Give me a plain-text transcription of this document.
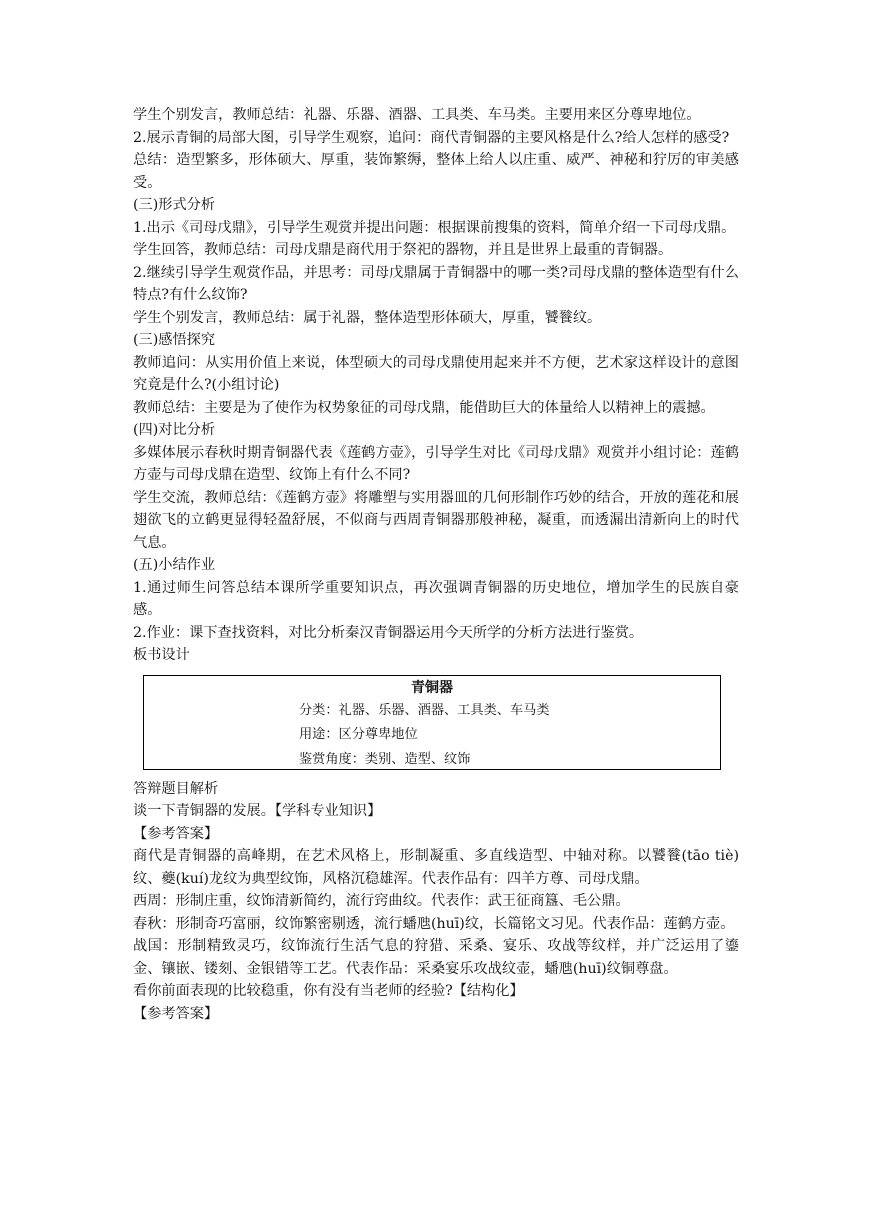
学生个别发言，教师总结：礼器、乐器、酒器、工具类、车马类。主要用来区分尊卑地位。

2.展示青铜的局部大图，引导学生观察，追问：商代青铜器的主要风格是什么?给人怎样的感受?

总结：造型繁多，形体硕大、厚重，装饰繁缛，整体上给人以庄重、威严、神秘和狞厉的审美感受。

(三)形式分析

1.出示《司母戊鼎》，引导学生观赏并提出问题：根据课前搜集的资料，简单介绍一下司母戊鼎。

学生回答，教师总结：司母戊鼎是商代用于祭祀的器物，并且是世界上最重的青铜器。

2.继续引导学生观赏作品，并思考：司母戊鼎属于青铜器中的哪一类?司母戊鼎的整体造型有什么特点?有什么纹饰?

学生个别发言，教师总结：属于礼器，整体造型形体硕大，厚重，饕餮纹。

(三)感悟探究

教师追问：从实用价值上来说，体型硕大的司母戊鼎使用起来并不方便，艺术家这样设计的意图究竟是什么?(小组讨论)

教师总结：主要是为了使作为权势象征的司母戊鼎，能借助巨大的体量给人以精神上的震撼。

(四)对比分析

多媒体展示春秋时期青铜器代表《莲鹤方壶》，引导学生对比《司母戊鼎》观赏并小组讨论：莲鹤方壶与司母戊鼎在造型、纹饰上有什么不同?

学生交流，教师总结：《莲鹤方壶》将雕塑与实用器皿的几何形制作巧妙的结合，开放的莲花和展翅欲飞的立鹤更显得轻盈舒展，不似商与西周青铜器那般神秘，凝重，而透漏出清新向上的时代气息。

(五)小结作业

1.通过师生问答总结本课所学重要知识点，再次强调青铜器的历史地位，增加学生的民族自豪感。

2.作业：课下查找资料，对比分析秦汉青铜器运用今天所学的分析方法进行鉴赏。

板书设计

青铜器
分类：礼器、乐器、酒器、工具类、车马类
用途：区分尊卑地位
鉴赏角度：类别、造型、纹饰

答辩题目解析

谈一下青铜器的发展。【学科专业知识】

【参考答案】

商代是青铜器的高峰期，在艺术风格上，形制凝重、多直线造型、中轴对称。以饕餮(tāo tiè)纹、夔(kuí)龙纹为典型纹饰，风格沉稳雄浑。代表作品有：四羊方尊、司母戊鼎。

西周：形制庄重，纹饰清新简约，流行窍曲纹。代表作：武王征商簋、毛公鼎。

春秋：形制奇巧富丽，纹饰繁密剔透，流行蟠虺(huī)纹，长篇铭文习见。代表作品：莲鹤方壶。

战国：形制精致灵巧，纹饰流行生活气息的狩猎、采桑、宴乐、攻战等纹样，并广泛运用了鎏金、镶嵌、镂刻、金银错等工艺。代表作品：采桑宴乐攻战纹壶，蟠虺(huī)纹铜尊盘。

看你前面表现的比较稳重，你有没有当老师的经验?【结构化】

【参考答案】
